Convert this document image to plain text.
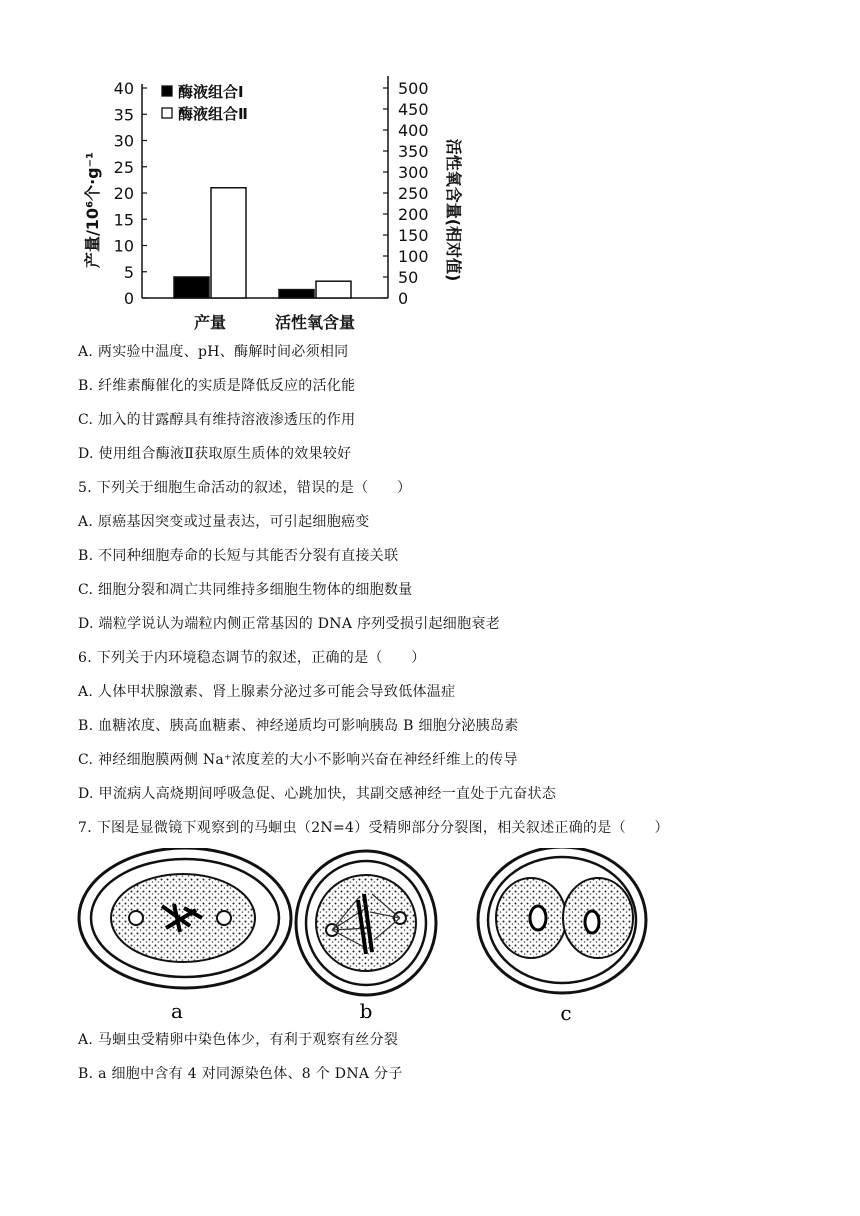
0
5
10
15
20
25
30
35
40
0
50
100
150
200
250
300
350
400
450
500
酶液组合Ⅰ
酶液组合Ⅱ
产量	活性氧含量
产量/10⁶个·g⁻¹	活性氧含量(相对值)
A. 两实验中温度、pH、酶解时间必须相同
B. 纤维素酶催化的实质是降低反应的活化能
C. 加入的甘露醇具有维持溶液渗透压的作用
D. 使用组合酶液Ⅱ获取原生质体的效果较好
5. 下列关于细胞生命活动的叙述，错误的是（　　）
A. 原癌基因突变或过量表达，可引起细胞癌变
B. 不同种细胞寿命的长短与其能否分裂有直接关联
C. 细胞分裂和凋亡共同维持多细胞生物体的细胞数量
D. 端粒学说认为端粒内侧正常基因的 DNA 序列受损引起细胞衰老
6. 下列关于内环境稳态调节的叙述，正确的是（　　）
A. 人体甲状腺激素、肾上腺素分泌过多可能会导致低体温症
B. 血糖浓度、胰高血糖素、神经递质均可影响胰岛 B 细胞分泌胰岛素
C. 神经细胞膜两侧 Na⁺浓度差的大小不影响兴奋在神经纤维上的传导
D. 甲流病人高烧期间呼吸急促、心跳加快，其副交感神经一直处于亢奋状态
7. 下图是显微镜下观察到的马蛔虫（2N=4）受精卵部分分裂图，相关叙述正确的是（　　）
a	b	c
A. 马蛔虫受精卵中染色体少，有利于观察有丝分裂
B. a 细胞中含有 4 对同源染色体、8 个 DNA 分子
